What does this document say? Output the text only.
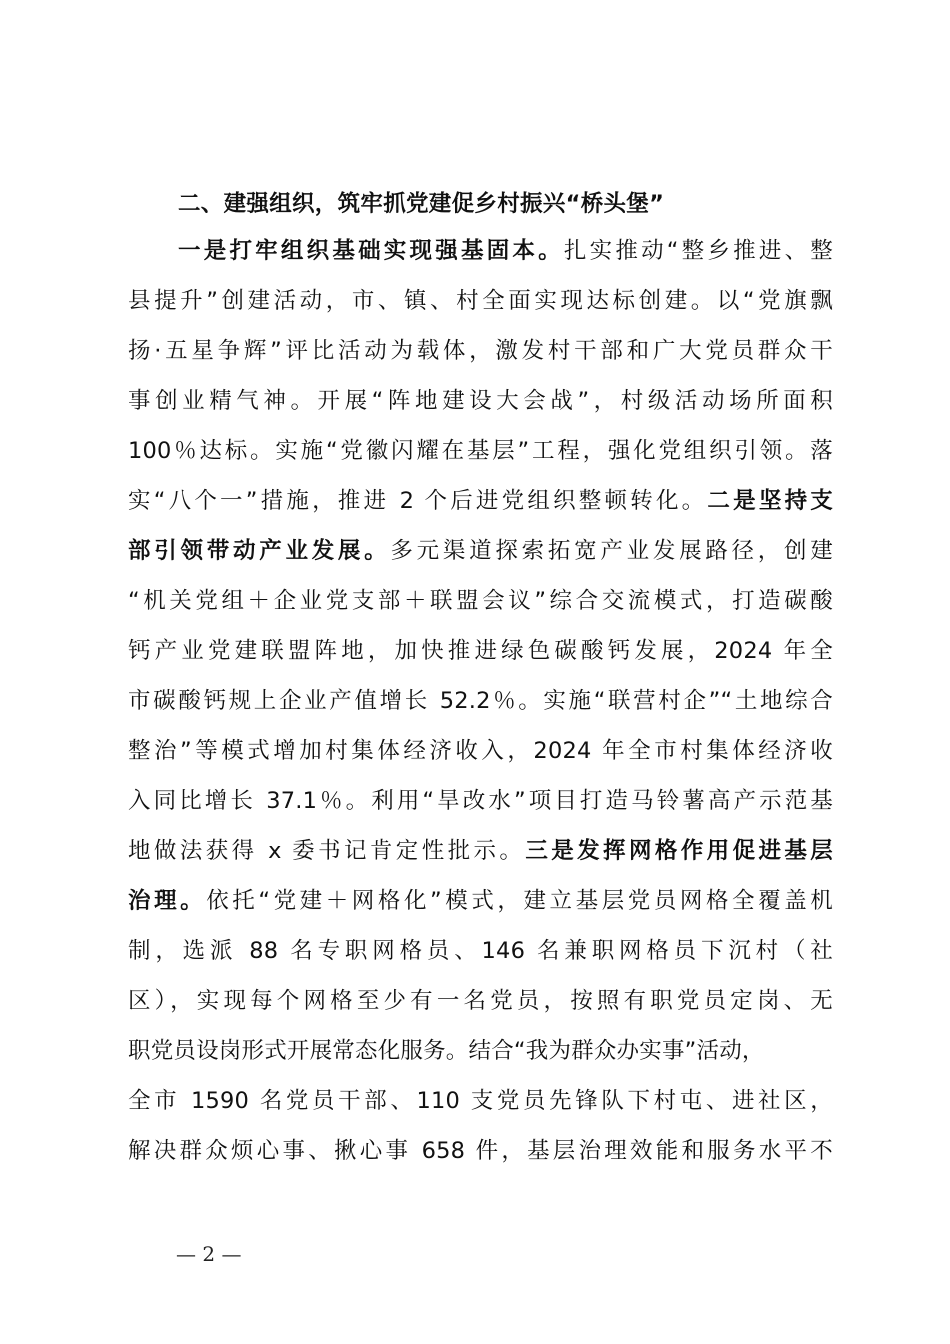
二、建强组织，筑牢抓党建促乡村振兴“桥头堡”
一是打牢组织基础实现强基固本。扎实推动“整乡推进、整
县提升”创建活动，市、镇、村全面实现达标创建。以“党旗飘
扬·五星争辉”评比活动为载体，激发村干部和广大党员群众干
事创业精气神。开展“阵地建设大会战”，村级活动场所面积
100％达标。实施“党徽闪耀在基层”工程，强化党组织引领。落
实“八个一”措施，推进 2 个后进党组织整顿转化。二是坚持支
部引领带动产业发展。多元渠道探索拓宽产业发展路径，创建
“机关党组＋企业党支部＋联盟会议”综合交流模式，打造碳酸
钙产业党建联盟阵地，加快推进绿色碳酸钙发展，2024 年全
市碳酸钙规上企业产值增长 52.2％。实施“联营村企”“土地综合
整治”等模式增加村集体经济收入，2024 年全市村集体经济收
入同比增长 37.1％。利用“旱改水”项目打造马铃薯高产示范基
地做法获得 x 委书记肯定性批示。三是发挥网格作用促进基层
治理。依托“党建＋网格化”模式，建立基层党员网格全覆盖机
制，选派 88 名专职网格员、146 名兼职网格员下沉村（社
区），实现每个网格至少有一名党员，按照有职党员定岗、无
职党员设岗形式开展常态化服务。结合“我为群众办实事”活动，
全市 1590 名党员干部、110 支党员先锋队下村屯、进社区，
解决群众烦心事、揪心事 658 件，基层治理效能和服务水平不
— 2 —
